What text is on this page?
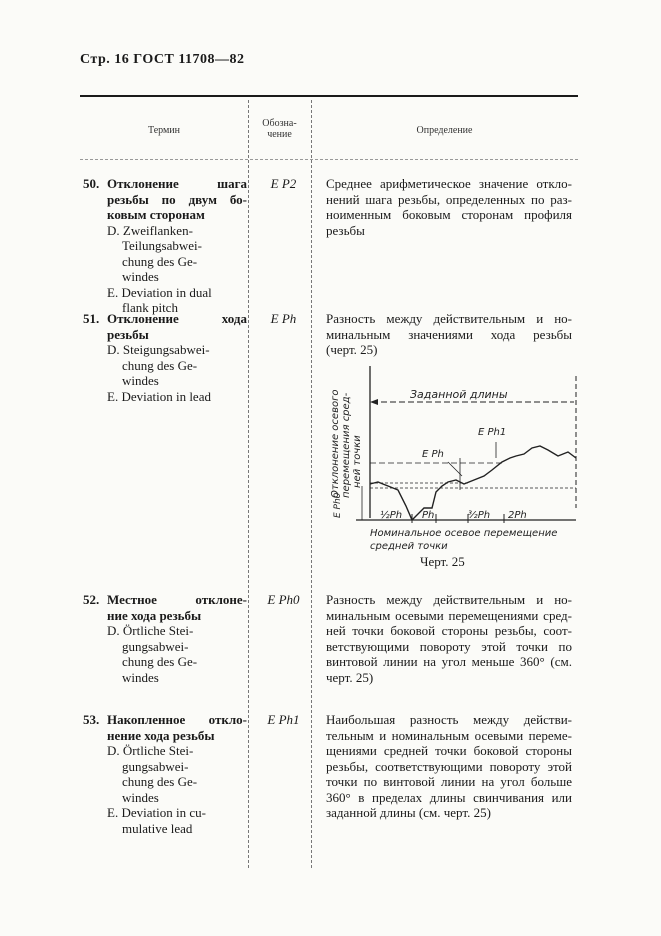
Стр. 16 ГОСТ 11708—82
Термин
Обозна-
чение	Определение
50. Отклонение шага
резьбы по двум бо-
ковым сторонам
D. Zweiflanken-
Teilungsabwei-
chung des Ge-
windes
E. Deviation in dual
flank pitch
E P2	Среднее арифметическое значение откло-
нений шага резьбы, определенных по раз-
ноименным боковым сторонам профиля
резьбы
51. Отклонение хода
резьбы
D. Steigungsabwei-
chung des Ge-
windes
E. Deviation in lead
E Ph	Разность между действительным и но-
минальным значениями хода резьбы
(черт. 25)
Отклонение осевого перемещения сред- ней точки
Заданной длины
E Ph1
E Ph
E Ph0	½Ph Ph	³⁄₂Ph 2Ph
Номинальное осевое перемещение
средней точки
Черт. 25
52. Местное отклоне-
ние хода резьбы
D. Örtliche Stei-
gungsabwei-
chung des Ge-
windes
E Ph0	Разность между действительным и но-
минальным осевыми перемещениями сред-
ней точки боковой стороны резьбы, соот-
ветствующими повороту этой точки по
винтовой линии на угол меньше 360° (см.
черт. 25)
53. Накопленное откло-
нение хода резьбы
D. Örtliche Stei-
gungsabwei-
chung des Ge-
windes
E. Deviation in cu-
mulative lead
E Ph1	Наибольшая разность между действи-
тельным и номинальным осевыми переме-
щениями средней точки боковой стороны
резьбы, соответствующими повороту этой
точки по винтовой линии на угол больше
360° в пределах длины свинчивания или
заданной длины (см. черт. 25)
